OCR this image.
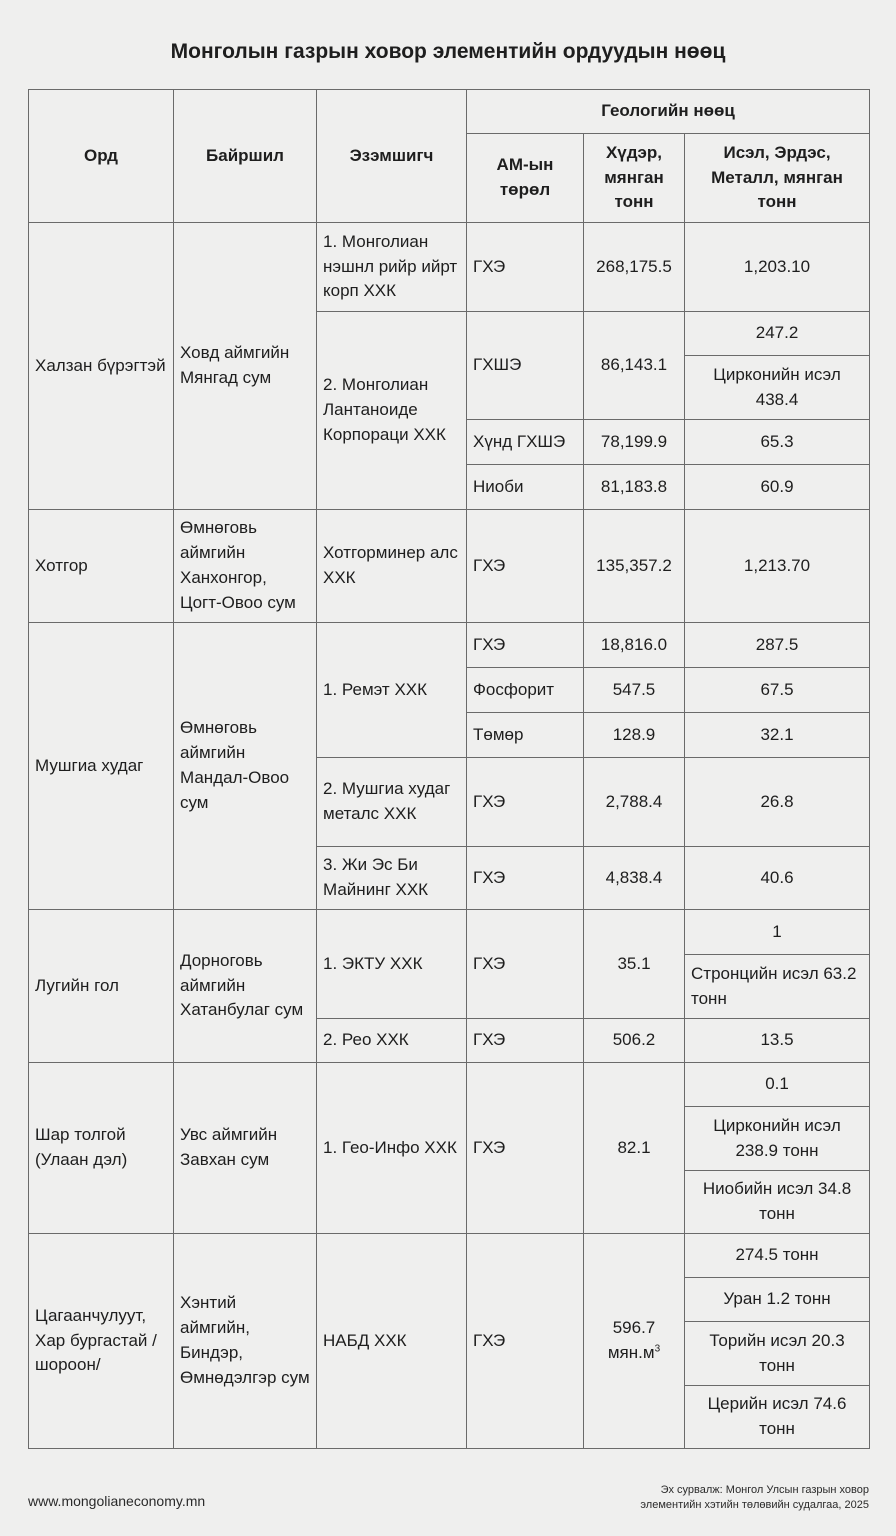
Монголын газрын ховор элементийн ордуудын нөөц
Орд	Байршил	Эзэмшигч	Геологийн нөөц		
			АМ-ын төрөл	Хүдэр, мянган тонн	Исэл, Эрдэс, Металл, мянган тонн
Халзан бүрэгтэй	Ховд аймгийн Мянгад сум	1. Монголиан нэшнл рийр ийрт корп ХХК	ГХЭ	268,175.5	1,203.10
		2. Монголиан Лантаноиде Корпораци ХХК	ГХШЭ	86,143.1	247.2
					Цирконийн исэл 438.4
			Хүнд ГХШЭ	78,199.9	65.3
			Ниоби	81,183.8	60.9

Хотгор	Өмнөговь аймгийн Ханхонгор, Цогт-Овоо сум	Хотгорминер алс ХХК	ГХЭ	135,357.2	1,213.70
Мушгиа худаг	Өмнөговь аймгийн Мандал-Овоо сум	1. Ремэт ХХК	ГХЭ	18,816.0	287.5
			Фосфорит	547.5	67.5
			Төмөр	128.9	32.1
		2. Мушгиа худаг металс ХХК	ГХЭ	2,788.4	26.8
		3. Жи Эс Би Майнинг ХХК	ГХЭ	4,838.4	40.6
Лугийн гол	Дорноговь аймгийн Хатанбулаг сум	1. ЭКТУ ХХК	ГХЭ	35.1	1
					Стронцийн исэл 63.2 тонн
		2. Рео ХХК	ГХЭ	506.2	13.5
Шар толгой (Улаан дэл)	Увс аймгийн Завхан сум	1. Гео-Инфо ХХК	ГХЭ	82.1	0.1
					Цирконийн исэл 238.9 тонн
					Ниобийн исэл 34.8 тонн
Цагаанчулуут, Хар бургастай /шороон/	Хэнтий аймгийн, Биндэр, Өмнөдэлгэр сум	НАБД ХХК	ГХЭ	596.7 $мян.м^3$	274.5 тонн
					Уран 1.2 тонн
					Торийн исэл 20.3 тонн
					Церийн исэл 74.6 тонн
www.mongolianeconomy.mn
Эх сурвалж: Монгол Улсын газрын ховор
элементийн хэтийн төлөвийн судалгаа, 2025
